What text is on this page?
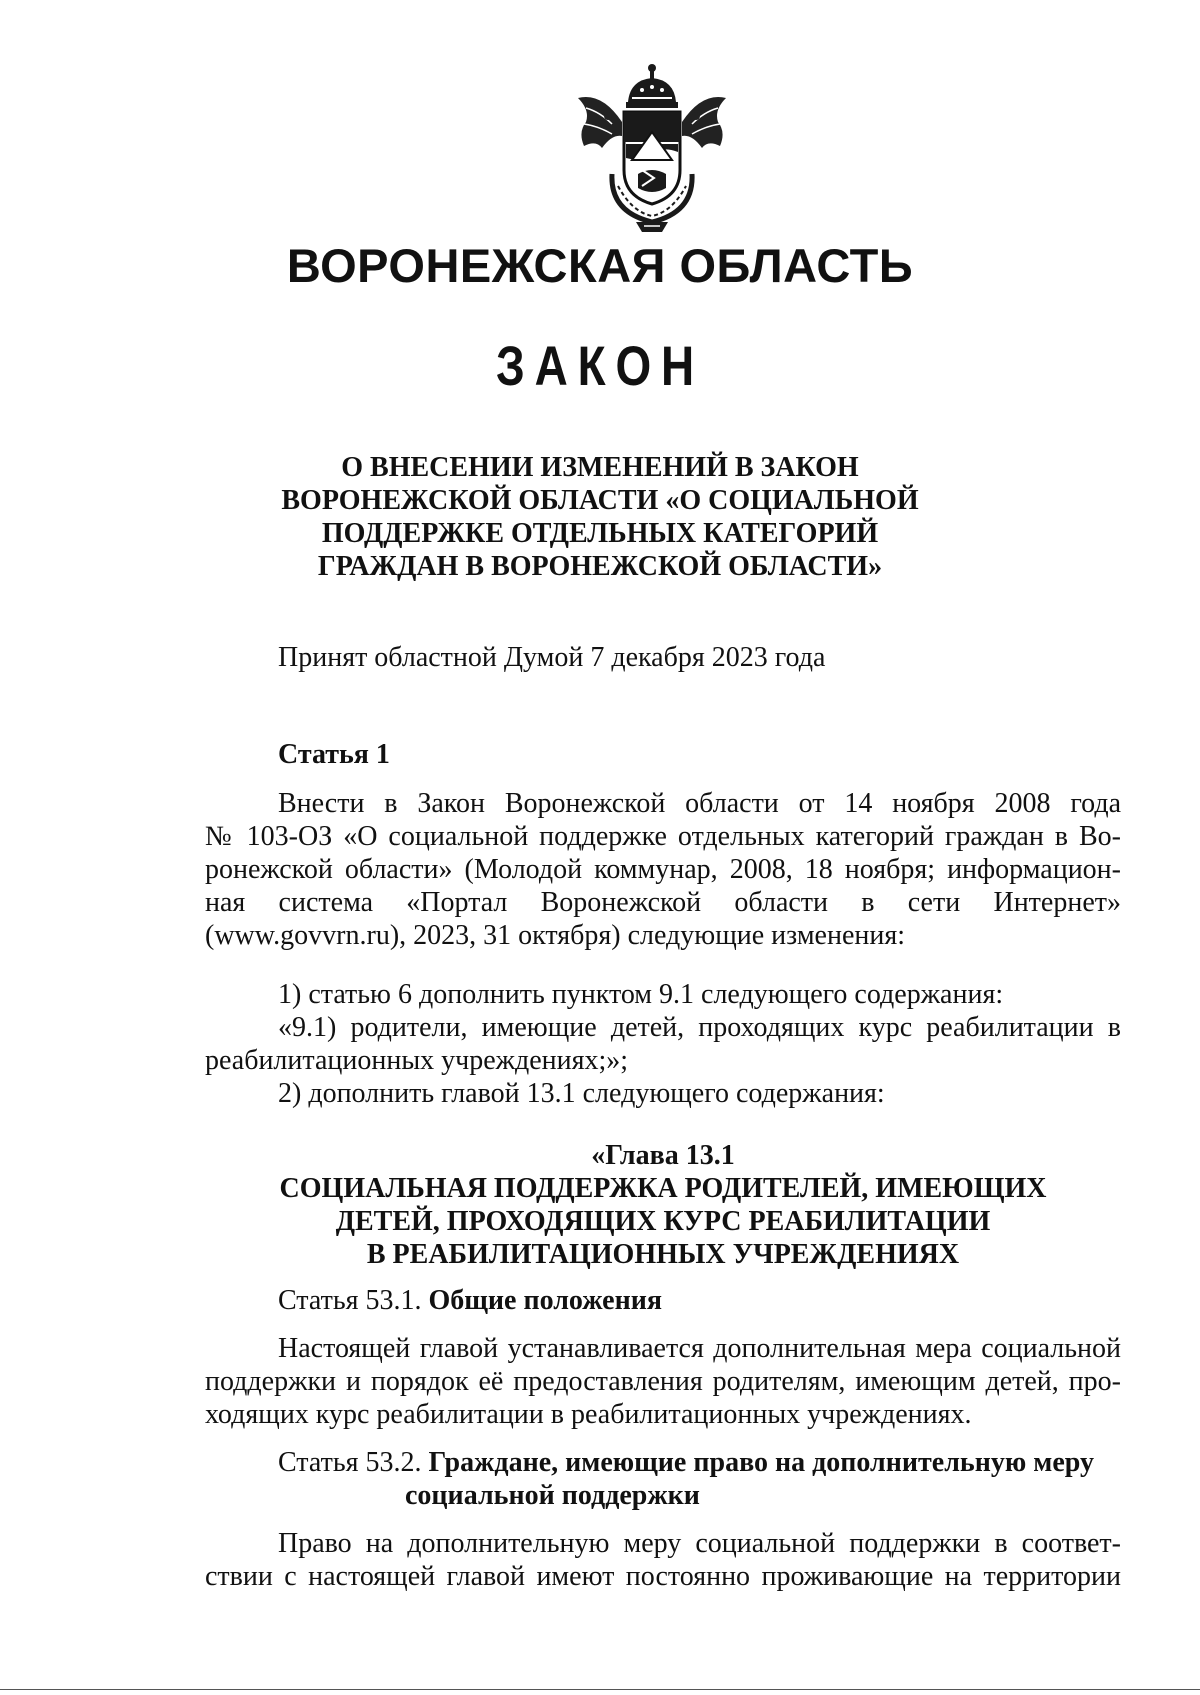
ВОРОНЕЖСКАЯ ОБЛАСТЬ
ЗАКОН
О ВНЕСЕНИИ ИЗМЕНЕНИЙ В ЗАКОН
ВОРОНЕЖСКОЙ ОБЛАСТИ «О СОЦИАЛЬНОЙ
ПОДДЕРЖКЕ ОТДЕЛЬНЫХ КАТЕГОРИЙ
ГРАЖДАН В ВОРОНЕЖСКОЙ ОБЛАСТИ»

Принят областной Думой 7 декабря 2023 года

Статья 1

Внести в Закон Воронежской области от 14 ноября 2008 года

№ 103-ОЗ «О социальной поддержке отдельных категорий граждан в Во-

ронежской области» (Молодой коммунар, 2008, 18 ноября; информацион-

ная система «Портал Воронежской области в сети Интернет»

(www.govvrn.ru), 2023, 31 октября) следующие изменения:

1) статью 6 дополнить пунктом 9.1 следующего содержания:

«9.1) родители, имеющие детей, проходящих курс реабилитации в

реабилитационных учреждениях;»;

2) дополнить главой 13.1 следующего содержания:

«Глава 13.1
СОЦИАЛЬНАЯ ПОДДЕРЖКА РОДИТЕЛЕЙ, ИМЕЮЩИХ
ДЕТЕЙ, ПРОХОДЯЩИХ КУРС РЕАБИЛИТАЦИИ
В РЕАБИЛИТАЦИОННЫХ УЧРЕЖДЕНИЯХ

Статья 53.1. Общие положения

Настоящей главой устанавливается дополнительная мера социальной

поддержки и порядок её предоставления родителям, имеющим детей, про-

ходящих курс реабилитации в реабилитационных учреждениях.

Статья 53.2. Граждане, имеющие право на дополнительную меру

социальной поддержки

Право на дополнительную меру социальной поддержки в соответ-

ствии с настоящей главой имеют постоянно проживающие на территории
